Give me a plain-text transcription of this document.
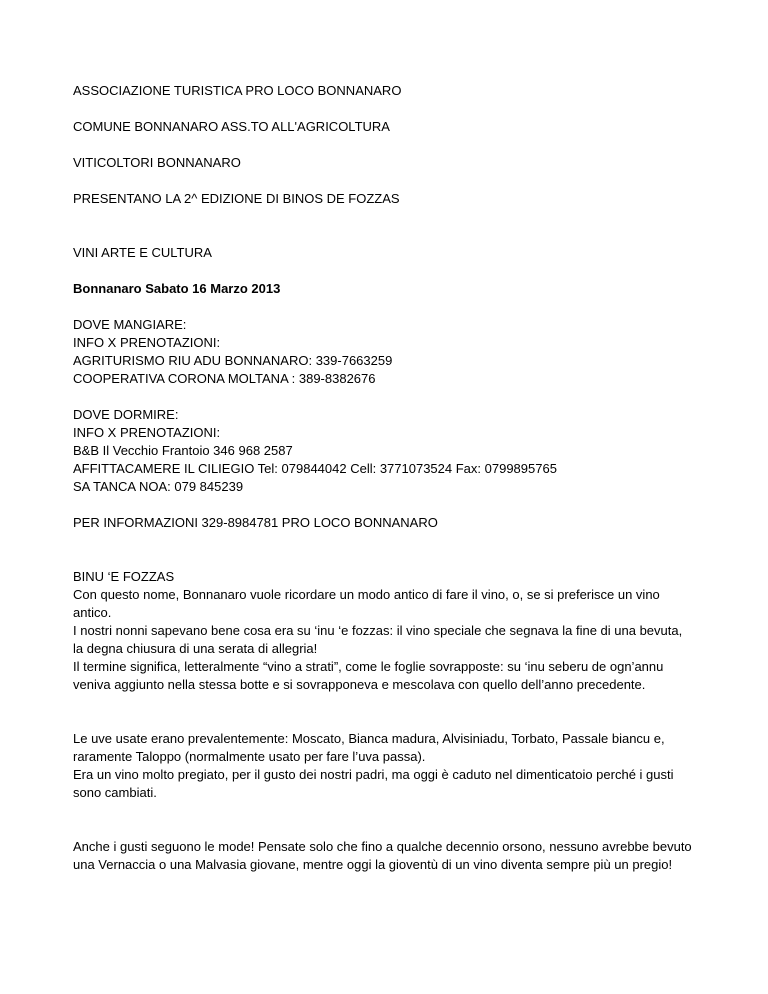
ASSOCIAZIONE TURISTICA PRO LOCO BONNANARO
COMUNE BONNANARO ASS.TO ALL'AGRICOLTURA
VITICOLTORI BONNANARO
PRESENTANO LA 2^ EDIZIONE DI BINOS DE FOZZAS
VINI ARTE E CULTURA
Bonnanaro Sabato 16 Marzo 2013
DOVE MANGIARE:
INFO X PRENOTAZIONI:
AGRITURISMO RIU ADU BONNANARO: 339-7663259
COOPERATIVA CORONA MOLTANA : 389-8382676
DOVE DORMIRE:
INFO X PRENOTAZIONI:
B&B Il Vecchio Frantoio 346 968 2587
AFFITTACAMERE IL CILIEGIO Tel: 079844042 Cell: 3771073524 Fax: 0799895765
SA TANCA NOA: 079 845239
PER INFORMAZIONI 329-8984781 PRO LOCO BONNANARO
BINU ‘E FOZZAS
Con questo nome, Bonnanaro vuole ricordare un modo antico di fare il vino, o, se si preferisce un vino antico.
I nostri nonni sapevano bene cosa era su ‘inu ‘e fozzas: il vino speciale che segnava la fine di una bevuta, la degna chiusura di una serata di allegria!
Il termine significa, letteralmente “vino a strati”, come le foglie sovrapposte: su ‘inu seberu de ogn’annu veniva aggiunto nella stessa botte e si sovrapponeva e mescolava con quello dell’anno precedente.
Le uve usate erano prevalentemente: Moscato, Bianca madura, Alvisiniadu, Torbato, Passale biancu e, raramente Taloppo (normalmente usato per fare l’uva passa).
Era un vino molto pregiato, per il gusto dei nostri padri, ma oggi è caduto nel dimenticatoio perché i gusti sono cambiati.
Anche i gusti seguono le mode! Pensate solo che fino a qualche decennio orsono, nessuno avrebbe bevuto una Vernaccia o una Malvasia giovane, mentre oggi la gioventù di un vino diventa sempre più un pregio!
